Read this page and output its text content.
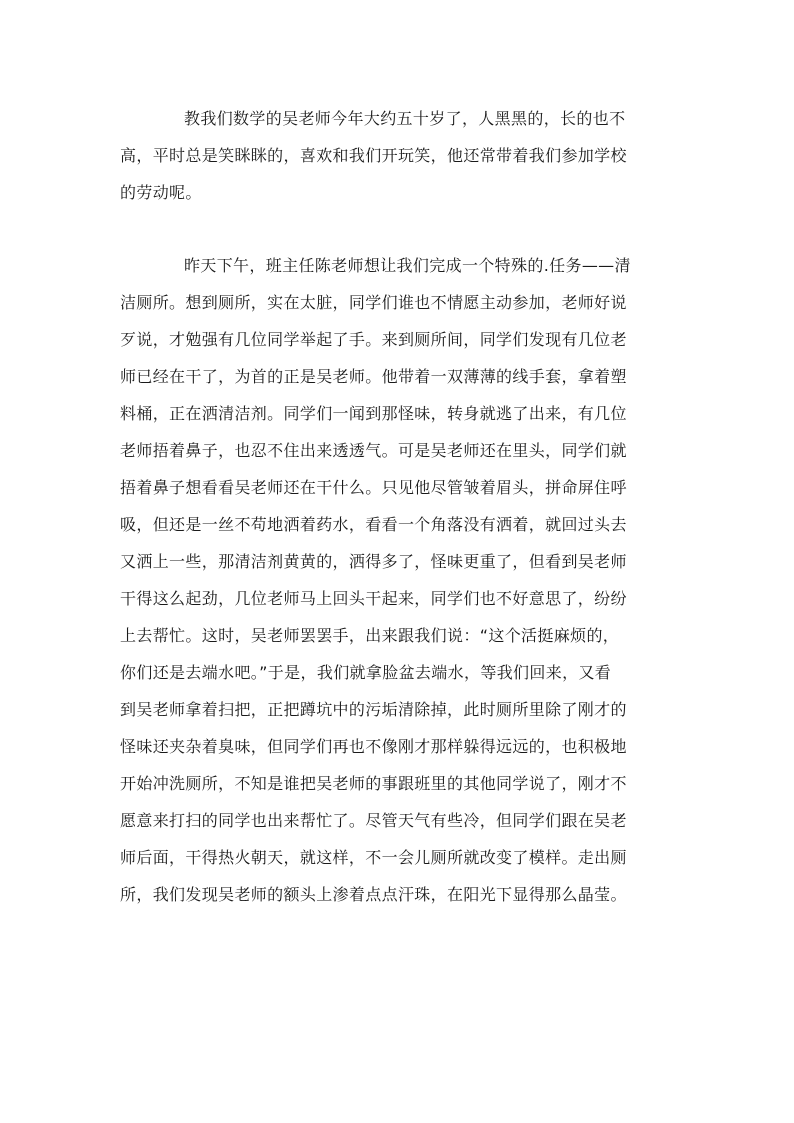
教我们数学的吴老师今年大约五十岁了，人黑黑的，长的也不
高，平时总是笑眯眯的，喜欢和我们开玩笑，他还常带着我们参加学校
的劳动呢。
昨天下午，班主任陈老师想让我们完成一个特殊的.任务——清
洁厕所。想到厕所，实在太脏，同学们谁也不情愿主动参加，老师好说
歹说，才勉强有几位同学举起了手。来到厕所间，同学们发现有几位老
师已经在干了，为首的正是吴老师。他带着一双薄薄的线手套，拿着塑
料桶，正在洒清洁剂。同学们一闻到那怪味，转身就逃了出来，有几位
老师捂着鼻子，也忍不住出来透透气。可是吴老师还在里头，同学们就
捂着鼻子想看看吴老师还在干什么。只见他尽管皱着眉头，拼命屏住呼
吸，但还是一丝不苟地洒着药水，看看一个角落没有洒着，就回过头去
又洒上一些，那清洁剂黄黄的，洒得多了，怪味更重了，但看到吴老师
干得这么起劲，几位老师马上回头干起来，同学们也不好意思了，纷纷
上去帮忙。这时，吴老师罢罢手，出来跟我们说：“这个活挺麻烦的，
你们还是去端水吧。”于是，我们就拿脸盆去端水，等我们回来，又看
到吴老师拿着扫把，正把蹲坑中的污垢清除掉，此时厕所里除了刚才的
怪味还夹杂着臭味，但同学们再也不像刚才那样躲得远远的，也积极地
开始冲洗厕所，不知是谁把吴老师的事跟班里的其他同学说了，刚才不
愿意来打扫的同学也出来帮忙了。尽管天气有些冷，但同学们跟在吴老
师后面，干得热火朝天，就这样，不一会儿厕所就改变了模样。走出厕
所，我们发现吴老师的额头上渗着点点汗珠，在阳光下显得那么晶莹。
